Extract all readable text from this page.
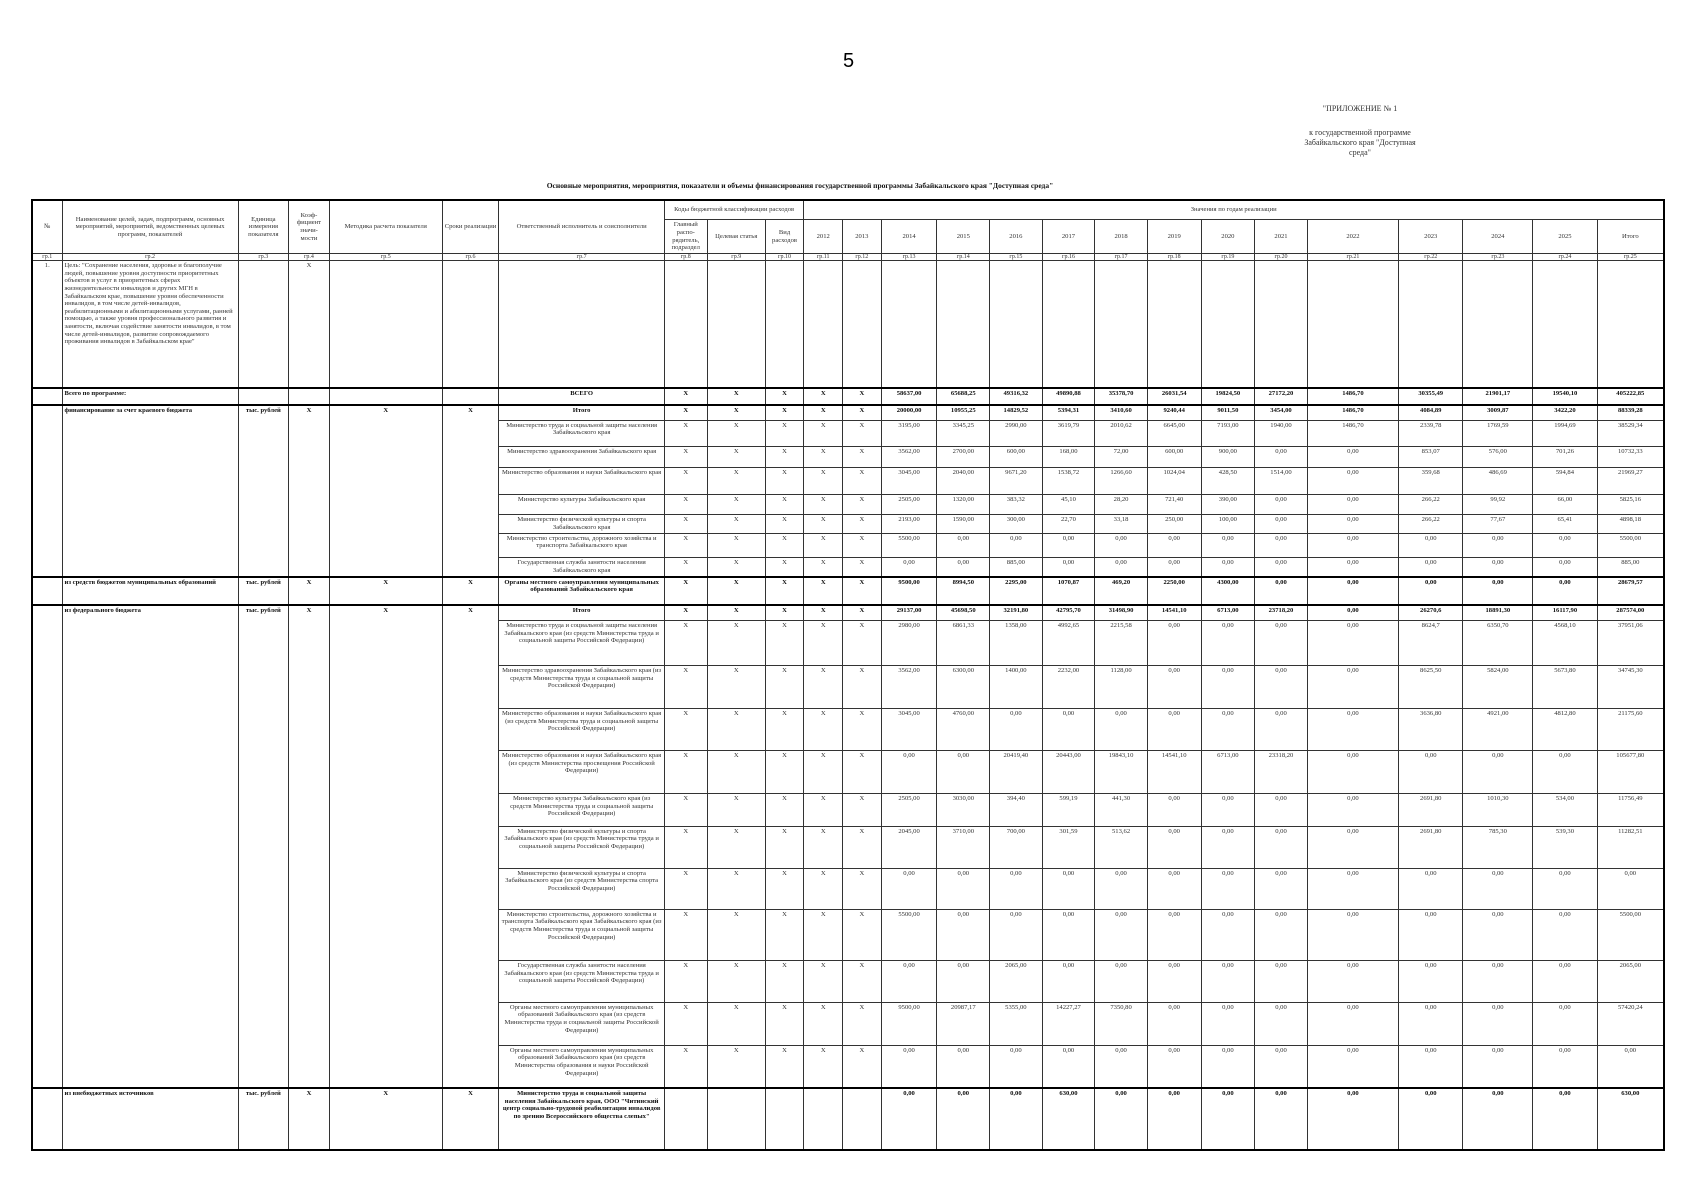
5
"ПРИЛОЖЕНИЕ № 1
к государственной программе Забайкальского края "Доступная среда"
Основные мероприятия, мероприятия, показатели и объемы финансирования государственной программы Забайкальского края "Доступная среда"
№	Наименование целей, задач, подпрограмм, основных мероприятий, мероприятий, ведомственных целевых программ, показателей	Единица измерения показателя	Коэф- фициент значи- мости	Методика расчета показателя	Сроки реализации	Ответственный исполнитель и соисполнители	Коды бюджетной классификации расходов			Значения по годам реализации														
							Главный распо- рядитель, подраздел	Целевая статья	Вид расходов	2012	2013	2014	2015	2016	2017	2018	2019	2020	2021	2022	2023	2024	2025	Итого
гр.1	гр.2	гр.3	гр.4	гр.5	гр.6	гр.7	гр.8	гр.9	гр.10	гр.11	гр.12	гр.13	гр.14	гр.15	гр.16	гр.17	гр.18	гр.19	гр.20	гр.21	гр.22	гр.23	гр.24	гр.25
1.	Цель: "Сохранение населения, здоровье и благополучие людей, повышение уровня доступности приоритетных объектов и услуг в приоритетных сферах жизнедеятельности инвалидов и других МГН в Забайкальском крае, повышение уровня обеспеченности инвалидов, в том числе детей-инвалидов, реабилитационными и абилитационными услугами, ранней помощью, а также уровня профессионального развития и занятости, включая содействие занятости инвалидов, в том числе детей-инвалидов, развитие сопровождаемого проживания инвалидов в Забайкальском крае"		Х																					
	Всего по программе:					ВСЕГО	Х	Х	Х	Х	Х	58637,00	65688,25	49316,32	49890,88	35378,70	26031,54	19824,50	27172,20	1486,70	30355,49	21901,17	19540,10	405222,85
	финансирование за счет краевого бюджета	тыс. рублей	Х	Х	Х	Итого	Х	Х	Х	Х	Х	20000,00	10955,25	14829,52	5394,31	3410,60	9240,44	9011,50	3454,00	1486,70	4084,89	3009,87	3422,20	88339,28
						Министерство труда и социальной защиты населения Забайкальского края	Х	Х	Х	Х	Х	3195,00	3345,25	2990,00	3619,79	2010,62	6645,00	7193,00	1940,00	1486,70	2339,78	1769,59	1994,69	38529,34
						Министерство здравоохранения Забайкальского края	Х	Х	Х	Х	Х	3562,00	2700,00	600,00	168,00	72,00	600,00	900,00	0,00	0,00	853,07	576,00	701,26	10732,33
						Министерство образования и науки Забайкальского края	Х	Х	Х	Х	Х	3045,00	2040,00	9671,20	1538,72	1266,60	1024,04	428,50	1514,00	0,00	359,68	486,69	594,84	21969,27
						Министерство культуры Забайкальского края	Х	Х	Х	Х	Х	2505,00	1320,00	383,32	45,10	28,20	721,40	390,00	0,00	0,00	266,22	99,92	66,00	5825,16
						Министерство физической культуры и спорта Забайкальского края	Х	Х	Х	Х	Х	2193,00	1590,00	300,00	22,70	33,18	250,00	100,00	0,00	0,00	266,22	77,67	65,41	4898,18
						Министерство строительства, дорожного хозяйства и транспорта Забайкальского края	Х	Х	Х	Х	Х	5500,00	0,00	0,00	0,00	0,00	0,00	0,00	0,00	0,00	0,00	0,00	0,00	5500,00
						Государственная служба занятости населения Забайкальского края	Х	Х	Х	Х	Х	0,00	0,00	885,00	0,00	0,00	0,00	0,00	0,00	0,00	0,00	0,00	0,00	885,00
	из средств бюджетов муниципальных образований	тыс. рублей	Х	Х	Х	Органы местного самоуправления муниципальных образований Забайкальского края	Х	Х	Х	Х	Х	9500,00	8994,50	2295,00	1070,87	469,20	2250,00	4300,00	0,00	0,00	0,00	0,00	0,00	28679,57
	из федерального бюджета	тыс. рублей	Х	Х	Х	Итого	Х	Х	Х	Х	Х	29137,00	45698,50	32191,80	42795,70	31498,90	14541,10	6713,00	23718,20	0,00	26270,6	18891,30	16117,90	287574,00
						Министерство труда и социальной защиты населения Забайкальского края (из средств Министерства труда и социальной защиты Российской Федерации)	Х	Х	Х	Х	Х	2980,00	6861,33	1358,00	4992,65	2215,58	0,00	0,00	0,00	0,00	8624,7	6350,70	4568,10	37951,06
						Министерство здравоохранения Забайкальского края (из средств Министерства труда и социальной защиты Российской Федерации)	Х	Х	Х	Х	Х	3562,00	6300,00	1400,00	2232,00	1128,00	0,00	0,00	0,00	0,00	8625,50	5824,00	5673,80	34745,30
						Министерство образования и науки Забайкальского края (из средств Министерства труда и социальной защиты Российской Федерации)	Х	Х	Х	Х	Х	3045,00	4760,00	0,00	0,00	0,00	0,00	0,00	0,00	0,00	3636,80	4921,00	4812,80	21175,60
						Министерство образования и науки Забайкальского края (из средств Министерства просвещения Российской Федерации)	Х	Х	Х	Х	Х	0,00	0,00	20419,40	20443,00	19843,10	14541,10	6713,00	23318,20	0,00	0,00	0,00	0,00	105677,80
						Министерство культуры Забайкальского края (из средств Министерства труда и социальной защиты Российской Федерации)	Х	Х	Х	Х	Х	2505,00	3030,00	394,40	599,19	441,30	0,00	0,00	0,00	0,00	2691,80	1010,30	534,00	11756,49
						Министерство физической культуры и спорта Забайкальского края (из средств Министерства труда и социальной защиты Российской Федерации)	Х	Х	Х	Х	Х	2045,00	3710,00	700,00	301,59	513,62	0,00	0,00	0,00	0,00	2691,80	785,30	539,30	11282,51
						Министерство физической культуры и спорта Забайкальского края (из средств Министерства спорта Российской Федерации)	Х	Х	Х	Х	Х	0,00	0,00	0,00	0,00	0,00	0,00	0,00	0,00	0,00	0,00	0,00	0,00	0,00
						Министерство строительства, дорожного хозяйства и транспорта Забайкальского края Забайкальского края (из средств Министерства труда и социальной защиты Российской Федерации)	Х	Х	Х	Х	Х	5500,00	0,00	0,00	0,00	0,00	0,00	0,00	0,00	0,00	0,00	0,00	0,00	5500,00
						Государственная служба занятости населения Забайкальского края (из средств Министерства труда и социальной защиты Российской Федерации)	Х	Х	Х	Х	Х	0,00	0,00	2065,00	0,00	0,00	0,00	0,00	0,00	0,00	0,00	0,00	0,00	2065,00
						Органы местного самоуправления муниципальных образований Забайкальского края (из средств Министерства труда и социальной защиты Российской Федерации)	Х	Х	Х	Х	Х	9500,00	20987,17	5355,00	14227,27	7350,80	0,00	0,00	0,00	0,00	0,00	0,00	0,00	57420,24
						Органы местного самоуправления муниципальных образований Забайкальского края (из средств Министерства образования и науки Российской Федерации)	Х	Х	Х	Х	Х	0,00	0,00	0,00	0,00	0,00	0,00	0,00	0,00	0,00	0,00	0,00	0,00	0,00
	из внебюджетных источников	тыс. рублей	Х	Х	Х	Министерство труда и социальной защиты населения Забайкальского края, ООО "Читинский центр социально-трудовой реабилитации инвалидов по зрению Всероссийского общества слепых"						0,00	0,00	0,00	630,00	0,00	0,00	0,00	0,00	0,00	0,00	0,00	0,00	630,00
